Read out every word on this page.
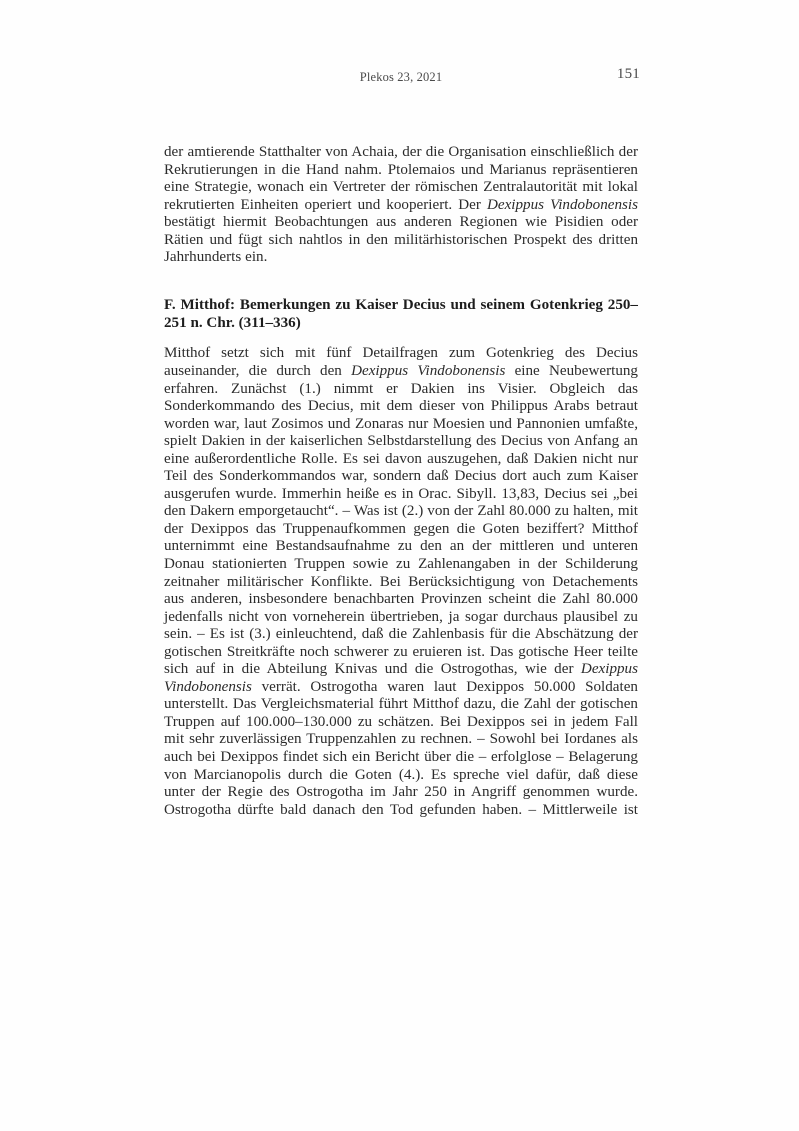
Plekos 23, 2021	151

der amtierende Statthalter von Achaia, der die Organisation einschließlich der Rekrutierungen in die Hand nahm. Ptolemaios und Marianus repräsentieren eine Strategie, wonach ein Vertreter der römischen Zentralautorität mit lokal rekrutierten Einheiten operiert und kooperiert. Der Dexippus Vindobonensis bestätigt hiermit Beobachtungen aus anderen Regionen wie Pisidien oder Rätien und fügt sich nahtlos in den militärhistorischen Prospekt des dritten Jahrhunderts ein.

F. Mitthof: Bemerkungen zu Kaiser Decius und seinem Gotenkrieg 250–251 n. Chr. (311–336)

Mitthof setzt sich mit fünf Detailfragen zum Gotenkrieg des Decius auseinander, die durch den Dexippus Vindobonensis eine Neubewertung erfahren. Zunächst (1.) nimmt er Dakien ins Visier. Obgleich das Sonderkommando des Decius, mit dem dieser von Philippus Arabs betraut worden war, laut Zosimos und Zonaras nur Moesien und Pannonien umfaßte, spielt Dakien in der kaiserlichen Selbstdarstellung des Decius von Anfang an eine außerordentliche Rolle. Es sei davon auszugehen, daß Dakien nicht nur Teil des Sonderkommandos war, sondern daß Decius dort auch zum Kaiser ausgerufen wurde. Immerhin heiße es in Orac. Sibyll. 13,83, Decius sei „bei den Dakern emporgetaucht“. – Was ist (2.) von der Zahl 80.000 zu halten, mit der Dexippos das Truppenaufkommen gegen die Goten beziffert? Mitthof unternimmt eine Bestandsaufnahme zu den an der mittleren und unteren Donau stationierten Truppen sowie zu Zahlenangaben in der Schilderung zeitnaher militärischer Konflikte. Bei Berücksichtigung von Detachements aus anderen, insbesondere benachbarten Provinzen scheint die Zahl 80.000 jedenfalls nicht von vorneherein übertrieben, ja sogar durchaus plausibel zu sein. – Es ist (3.) einleuchtend, daß die Zahlenbasis für die Abschätzung der gotischen Streitkräfte noch schwerer zu eruieren ist. Das gotische Heer teilte sich auf in die Abteilung Knivas und die Ostrogothas, wie der Dexippus Vindobonensis verrät. Ostrogotha waren laut Dexippos 50.000 Soldaten unterstellt. Das Vergleichsmaterial führt Mitthof dazu, die Zahl der gotischen Truppen auf 100.000–130.000 zu schätzen. Bei Dexippos sei in jedem Fall mit sehr zuverlässigen Truppenzahlen zu rechnen. – Sowohl bei Iordanes als auch bei Dexippos findet sich ein Bericht über die – erfolglose – Belagerung von Marcianopolis durch die Goten (4.). Es spreche viel dafür, daß diese unter der Regie des Ostrogotha im Jahr 250 in Angriff genommen wurde. Ostrogotha dürfte bald danach den Tod gefunden haben. – Mittlerweile ist
